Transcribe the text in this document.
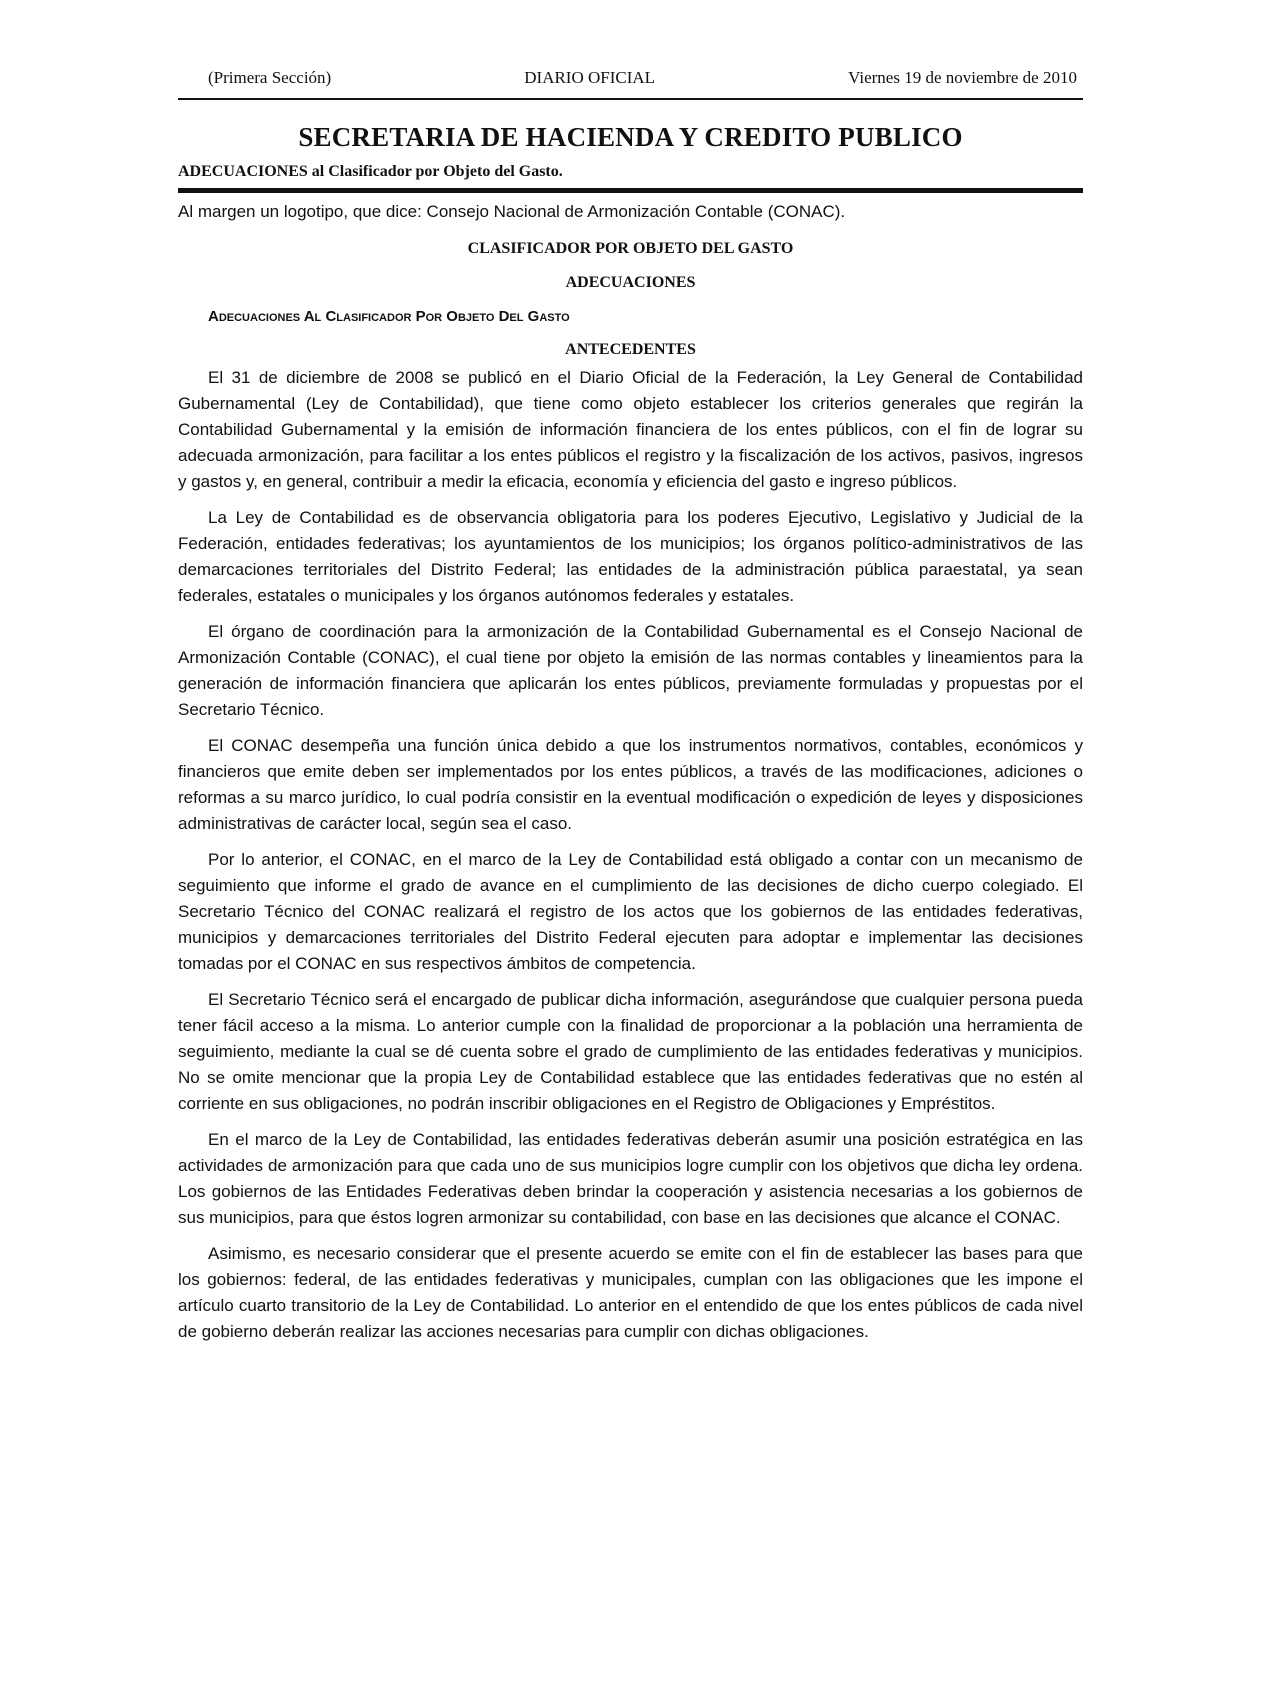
(Primera Sección)	DIARIO OFICIAL	Viernes 19 de noviembre de 2010
SECRETARIA DE HACIENDA Y CREDITO PUBLICO
ADECUACIONES al Clasificador por Objeto del Gasto.
Al margen un logotipo, que dice: Consejo Nacional de Armonización Contable (CONAC).
CLASIFICADOR POR OBJETO DEL GASTO
ADECUACIONES
Adecuaciones Al Clasificador Por Objeto Del Gasto
ANTECEDENTES

El 31 de diciembre de 2008 se publicó en el Diario Oficial de la Federación, la Ley General de Contabilidad Gubernamental (Ley de Contabilidad), que tiene como objeto establecer los criterios generales que regirán la Contabilidad Gubernamental y la emisión de información financiera de los entes públicos, con el fin de lograr su adecuada armonización, para facilitar a los entes públicos el registro y la fiscalización de los activos, pasivos, ingresos y gastos y, en general, contribuir a medir la eficacia, economía y eficiencia del gasto e ingreso públicos.

La Ley de Contabilidad es de observancia obligatoria para los poderes Ejecutivo, Legislativo y Judicial de la Federación, entidades federativas; los ayuntamientos de los municipios; los órganos político-administrativos de las demarcaciones territoriales del Distrito Federal; las entidades de la administración pública paraestatal, ya sean federales, estatales o municipales y los órganos autónomos federales y estatales.

El órgano de coordinación para la armonización de la Contabilidad Gubernamental es el Consejo Nacional de Armonización Contable (CONAC), el cual tiene por objeto la emisión de las normas contables y lineamientos para la generación de información financiera que aplicarán los entes públicos, previamente formuladas y propuestas por el Secretario Técnico.

El CONAC desempeña una función única debido a que los instrumentos normativos, contables, económicos y financieros que emite deben ser implementados por los entes públicos, a través de las modificaciones, adiciones o reformas a su marco jurídico, lo cual podría consistir en la eventual modificación o expedición de leyes y disposiciones administrativas de carácter local, según sea el caso.

Por lo anterior, el CONAC, en el marco de la Ley de Contabilidad está obligado a contar con un mecanismo de seguimiento que informe el grado de avance en el cumplimiento de las decisiones de dicho cuerpo colegiado. El Secretario Técnico del CONAC realizará el registro de los actos que los gobiernos de las entidades federativas, municipios y demarcaciones territoriales del Distrito Federal ejecuten para adoptar e implementar las decisiones tomadas por el CONAC en sus respectivos ámbitos de competencia.

El Secretario Técnico será el encargado de publicar dicha información, asegurándose que cualquier persona pueda tener fácil acceso a la misma. Lo anterior cumple con la finalidad de proporcionar a la población una herramienta de seguimiento, mediante la cual se dé cuenta sobre el grado de cumplimiento de las entidades federativas y municipios. No se omite mencionar que la propia Ley de Contabilidad establece que las entidades federativas que no estén al corriente en sus obligaciones, no podrán inscribir obligaciones en el Registro de Obligaciones y Empréstitos.

En el marco de la Ley de Contabilidad, las entidades federativas deberán asumir una posición estratégica en las actividades de armonización para que cada uno de sus municipios logre cumplir con los objetivos que dicha ley ordena. Los gobiernos de las Entidades Federativas deben brindar la cooperación y asistencia necesarias a los gobiernos de sus municipios, para que éstos logren armonizar su contabilidad, con base en las decisiones que alcance el CONAC.

Asimismo, es necesario considerar que el presente acuerdo se emite con el fin de establecer las bases para que los gobiernos: federal, de las entidades federativas y municipales, cumplan con las obligaciones que les impone el artículo cuarto transitorio de la Ley de Contabilidad. Lo anterior en el entendido de que los entes públicos de cada nivel de gobierno deberán realizar las acciones necesarias para cumplir con dichas obligaciones.
